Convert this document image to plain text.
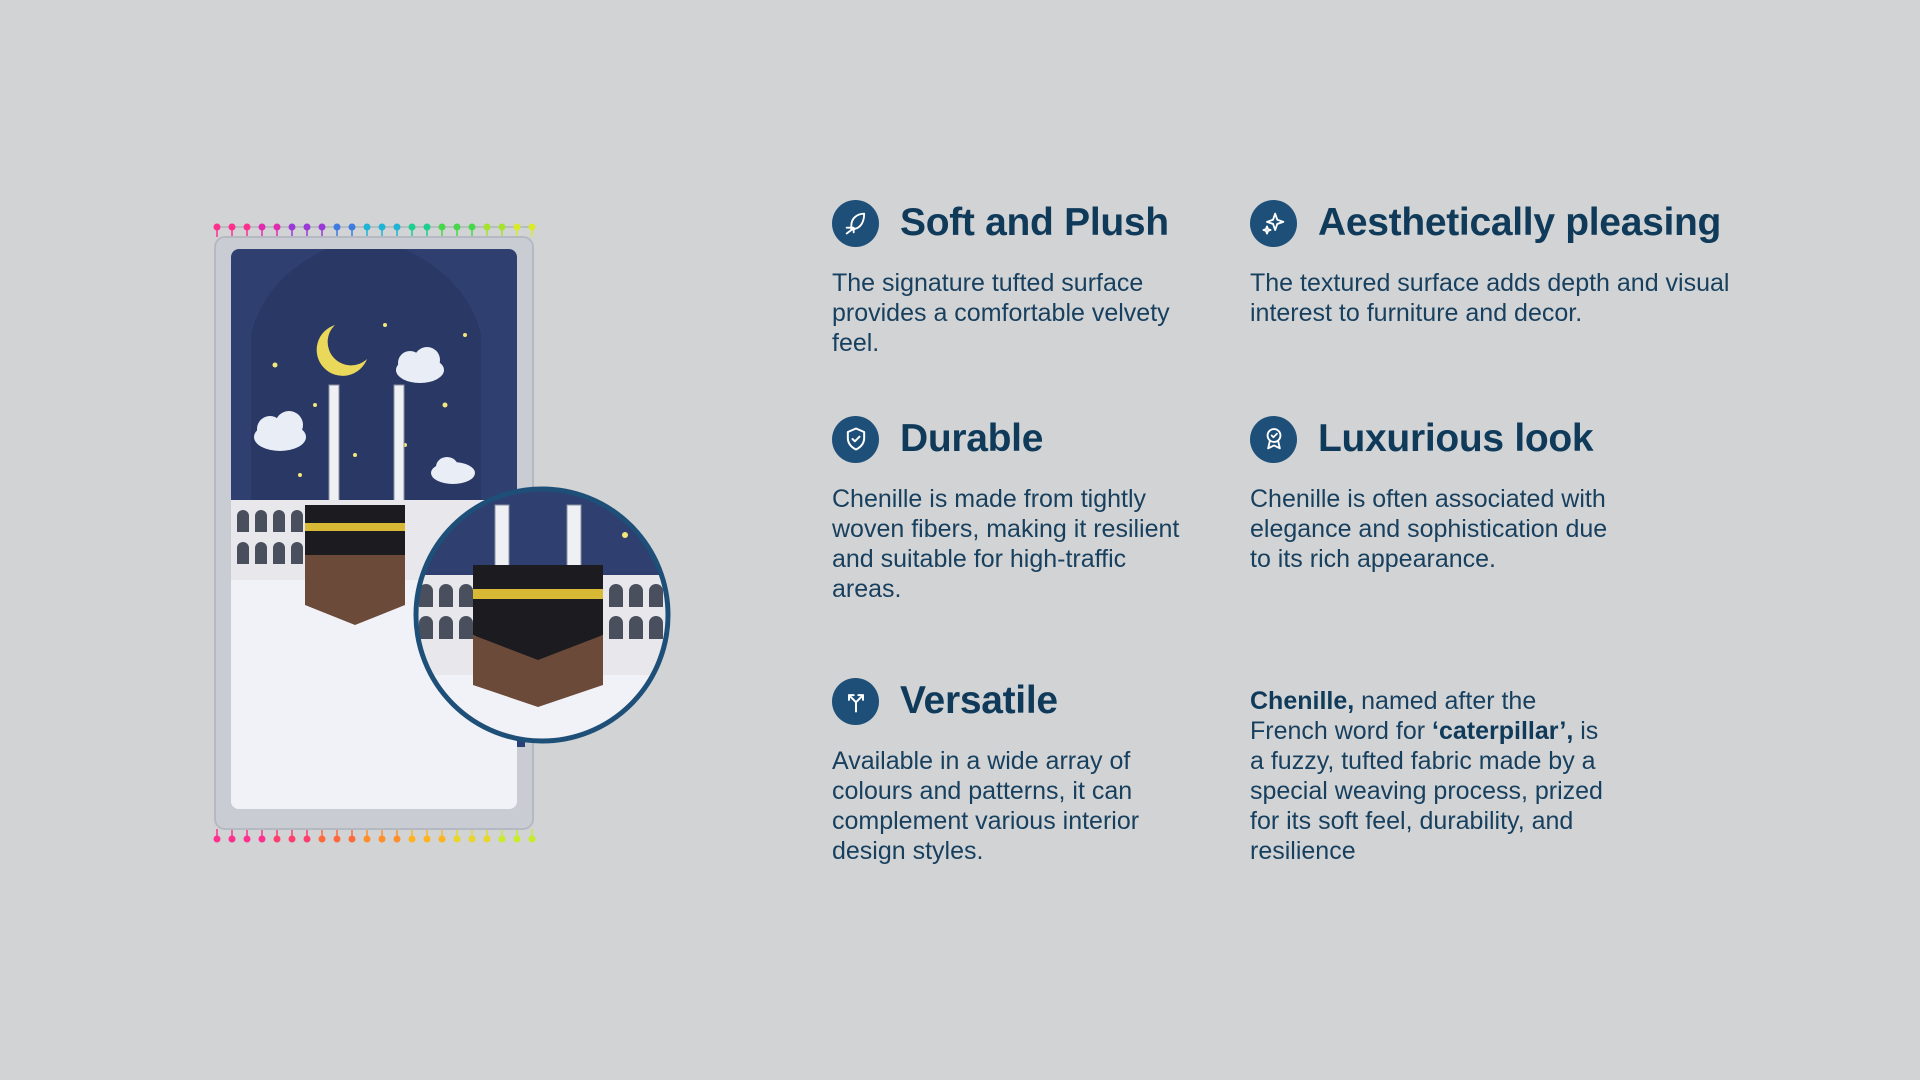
Soft and Plush
The signature tufted surface provides a comfortable velvety feel.
Aesthetically pleasing
The textured surface adds depth and visual interest to furniture and decor.
Durable
Chenille is made from tightly woven fibers, making it resilient and suitable for high-traffic areas.
Luxurious look
Chenille is often associated with elegance and sophistication due to its rich appearance.
Versatile
Available in a wide array of colours and patterns, it can complement various interior design styles.
Chenille, named after the French word for ‘caterpillar’, is a fuzzy, tufted fabric made by a special weaving process, prized for its soft feel, durability, and resilience
